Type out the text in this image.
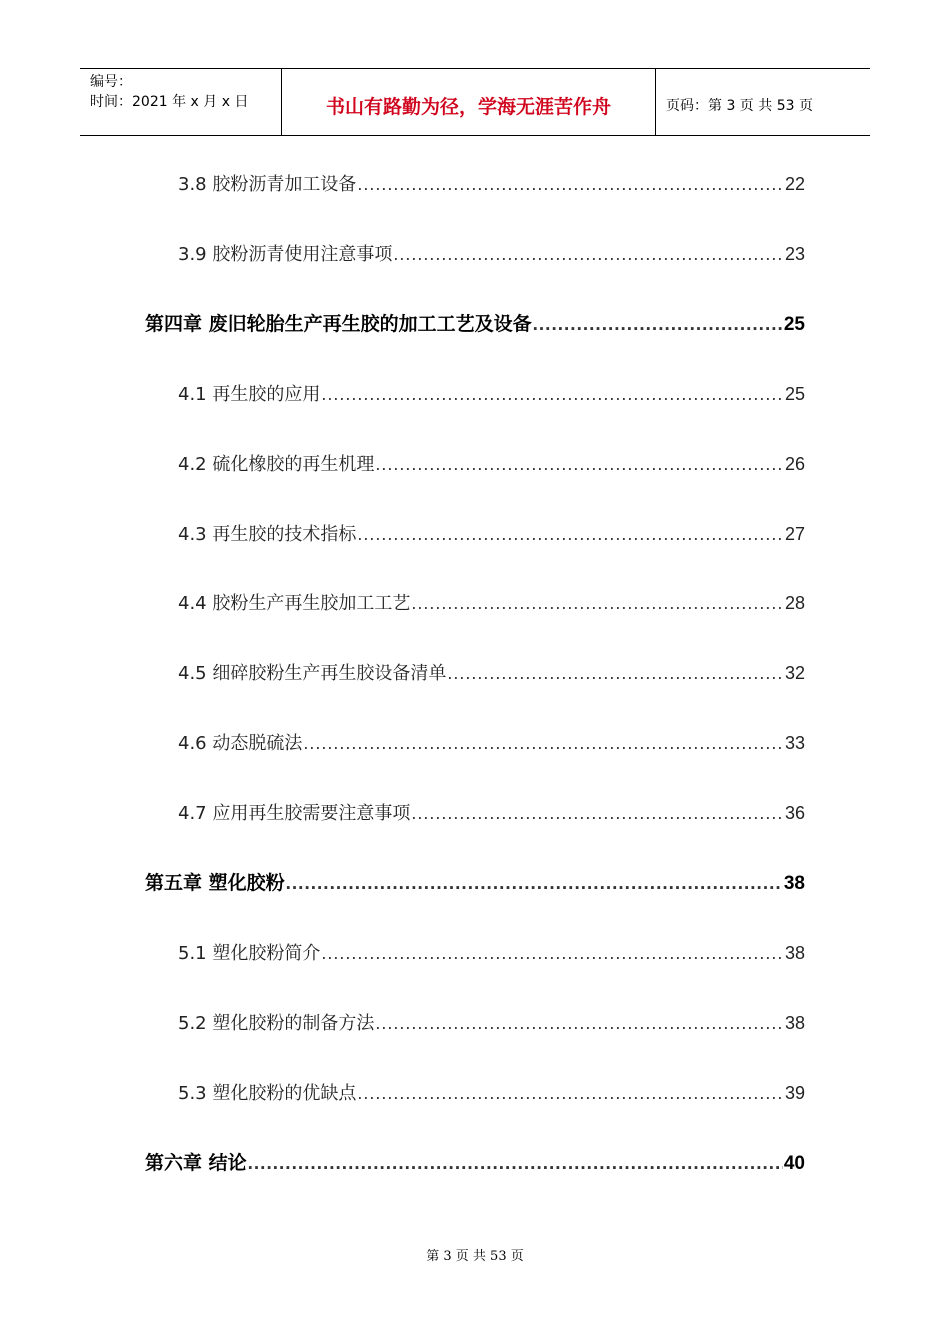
编号：
时间：2021 年 x 月 x 日	书山有路勤为径，学海无涯苦作舟	页码：第 3 页 共 53 页
3.8 胶粉沥青加工设备 .....	22
3.9 胶粉沥青使用注意事项 .....	23
第四章 废旧轮胎生产再生胶的加工工艺及设备 .....	25
4.1 再生胶的应用 .....	25
4.2 硫化橡胶的再生机理 .....	26
4.3 再生胶的技术指标 .....	27
4.4 胶粉生产再生胶加工工艺 .....	28
4.5 细碎胶粉生产再生胶设备清单 .....	32
4.6 动态脱硫法 .....	33
4.7 应用再生胶需要注意事项 .....	36
第五章 塑化胶粉 .....	38
5.1 塑化胶粉简介 .....	38
5.2 塑化胶粉的制备方法 .....	38
5.3 塑化胶粉的优缺点 .....	39
第六章 结论 .....	40
第 3 页 共 53 页
